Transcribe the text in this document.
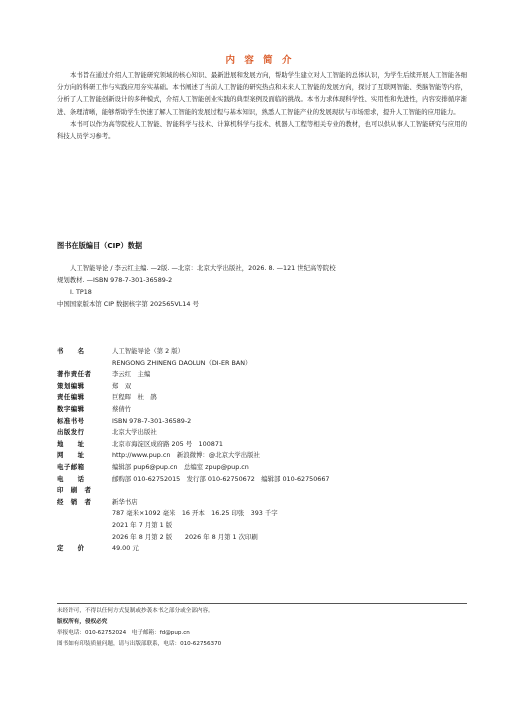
内 容 简 介

本书旨在通过介绍人工智能研究领域的核心知识、最新进展和发展方向，帮助学生建立对人工智能的总体认识，为学生后续开展人工智能各细分方向的科研工作与实践应用夯实基础。本书阐述了当前人工智能的研究热点和未来人工智能的发展方向，探讨了互联网智能、类脑智能等内容，分析了人工智能创新设计的多种模式，介绍人工智能创业实践的典型案例及面临的挑战。本书力求体现科学性、实用性和先进性，内容安排循序渐进、条理清晰，能够帮助学生快速了解人工智能的发展过程与基本知识，熟悉人工智能产业的发展现状与市场需求，提升人工智能的应用能力。

本书可以作为高等院校人工智能、智能科学与技术、计算机科学与技术、机器人工程等相关专业的教材，也可以供从事人工智能研究与应用的科技人员学习参考。

图书在版编目（CIP）数据
人工智能导论 / 李云红主编. —2版. —北京：北京大学出版社，2026. 8. —121 世纪高等院校
规划教材. —ISBN 978-7-301-36589-2
Ⅰ. TP18
中国国家版本馆 CIP 数据核字第 202565VL14 号
书　　名	人工智能导论（第 2 版）
RENGONG ZHINENG DAOLUN（DI-ER BAN）
著作责任者	李云红　主编
策划编辑	郑　双
责任编辑	巨程晖　杜　鹃
数字编辑	蔡倩竹
标准书号	ISBN 978-7-301-36589-2
出版发行	北京大学出版社
地　　址	北京市海淀区成府路 205 号　100871
网　　址	http://www.pup.cn　新浪微博：@北京大学出版社
电子邮箱	编辑部 pup6@pup.cn　总编室 zpup@pup.cn
电　　话	邮购部 010-62752015　发行部 010-62750672　编辑部 010-62750667
印　刷　者
经　销　者	新华书店
787 毫米×1092 毫米　16 开本　16.25 印张　393 千字
2021 年 7 月第 1 版
2026 年 8 月第 2 版　　2026 年 8 月第 1 次印刷
定　　价	49.00 元
未经许可，不得以任何方式复制或抄袭本书之部分或全部内容。
版权所有，侵权必究
举报电话：010-62752024　电子邮箱：fd@pup.cn
图书如有印装质量问题，请与出版部联系，电话：010-62756370
